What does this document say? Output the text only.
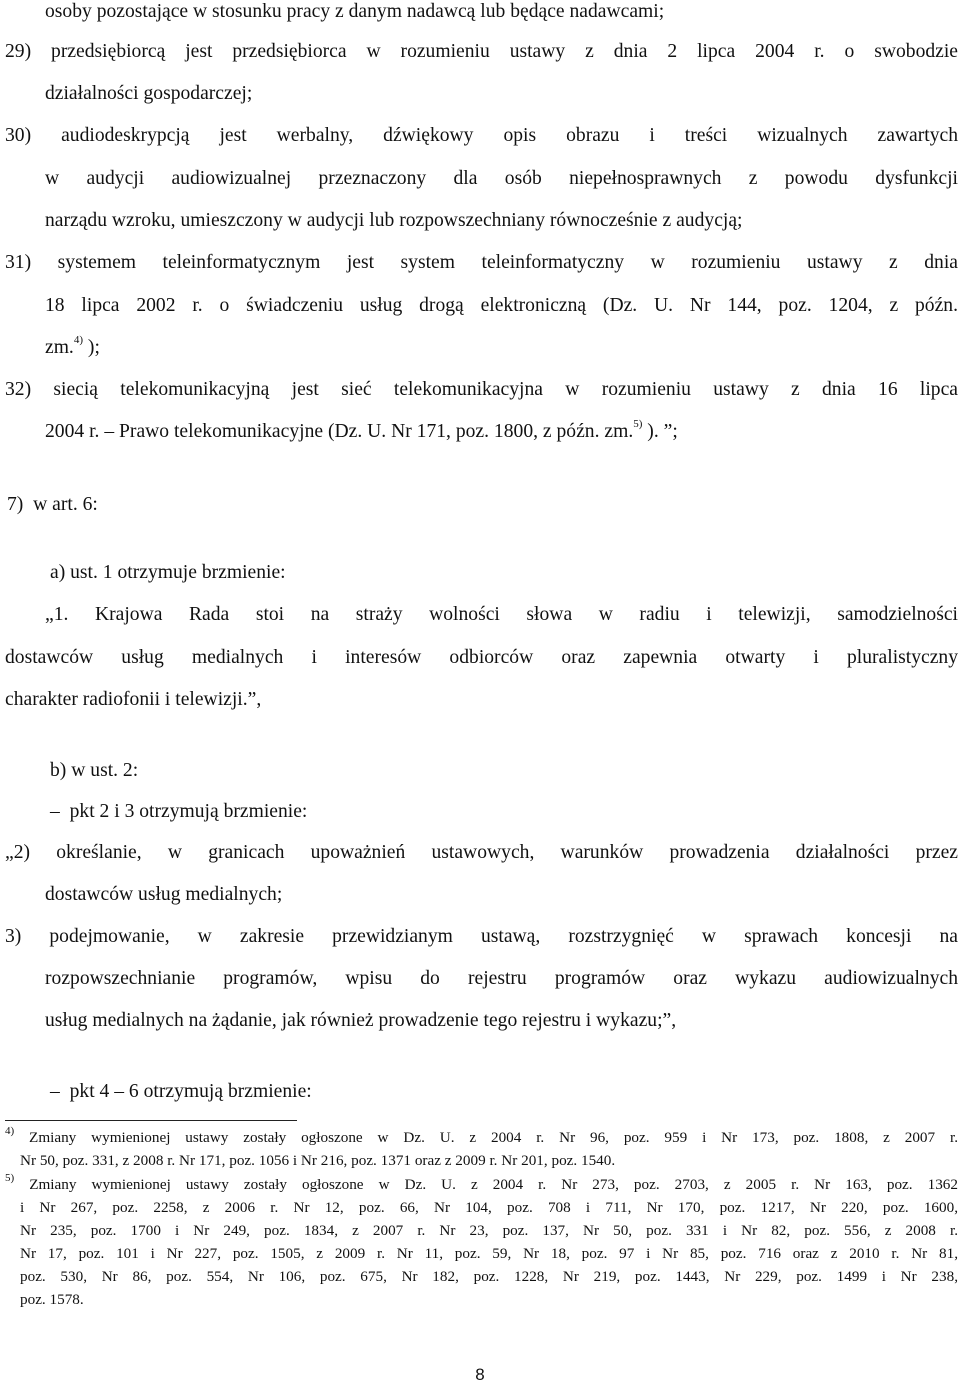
osoby pozostające w stosunku pracy z danym nadawcą lub będące nadawcami;
29) przedsiębiorcą jest przedsiębiorca w rozumieniu ustawy z dnia 2 lipca 2004 r. o swobodzie
działalności gospodarczej;
30) audiodeskrypcją jest werbalny, dźwiękowy opis obrazu i treści wizualnych zawartych
w audycji audiowizualnej przeznaczony dla osób niepełnosprawnych z powodu dysfunkcji
narządu wzroku, umieszczony w audycji lub rozpowszechniany równocześnie z audycją;
31) systemem teleinformatycznym jest system teleinformatyczny w rozumieniu ustawy z dnia
18 lipca 2002 r. o świadczeniu usług drogą elektroniczną (Dz. U. Nr 144, poz. 1204, z późn.
zm.$^{4)}$ );
32) siecią telekomunikacyjną jest sieć telekomunikacyjna w rozumieniu ustawy z dnia 16 lipca
2004 r. – Prawo telekomunikacyjne (Dz. U. Nr 171, poz. 1800, z późn. zm.$^{5)}$ ). ”;
7)  w art. 6:
a) ust. 1 otrzymuje brzmienie:
„1. Krajowa Rada stoi na straży wolności słowa w radiu i telewizji, samodzielności
dostawców usług medialnych i interesów odbiorców oraz zapewnia otwarty i pluralistyczny
charakter radiofonii i telewizji.”,
b) w ust. 2:
–  pkt 2 i 3 otrzymują brzmienie:
„2) określanie, w granicach upoważnień ustawowych, warunków prowadzenia działalności przez
dostawców usług medialnych;
3) podejmowanie, w zakresie przewidzianym ustawą, rozstrzygnięć w sprawach koncesji na
rozpowszechnianie programów, wpisu do rejestru programów oraz wykazu audiowizualnych
usług medialnych na żądanie, jak również prowadzenie tego rejestru i wykazu;”,
–  pkt 4 – 6 otrzymują brzmienie:
$^{4)}$ Zmiany wymienionej ustawy zostały ogłoszone w Dz. U. z 2004 r. Nr 96, poz. 959 i Nr 173, poz. 1808, z 2007 r.
Nr 50, poz. 331, z 2008 r. Nr 171, poz. 1056 i Nr 216, poz. 1371 oraz z 2009 r. Nr 201, poz. 1540.
$^{5)}$ Zmiany wymienionej ustawy zostały ogłoszone w Dz. U. z 2004 r. Nr 273, poz. 2703, z 2005 r. Nr 163, poz. 1362
i Nr 267, poz. 2258, z 2006 r. Nr 12, poz. 66, Nr 104, poz. 708 i 711, Nr 170, poz. 1217, Nr 220, poz. 1600,
Nr 235, poz. 1700 i Nr 249, poz. 1834, z 2007 r. Nr 23, poz. 137, Nr 50, poz. 331 i Nr 82, poz. 556, z 2008 r.
Nr 17, poz. 101 i Nr 227, poz. 1505, z 2009 r. Nr 11, poz. 59, Nr 18, poz. 97 i Nr 85, poz. 716 oraz z 2010 r. Nr 81,
poz. 530, Nr 86, poz. 554, Nr 106, poz. 675, Nr 182, poz. 1228, Nr 219, poz. 1443, Nr 229, poz. 1499 i Nr 238,
poz. 1578.
8
